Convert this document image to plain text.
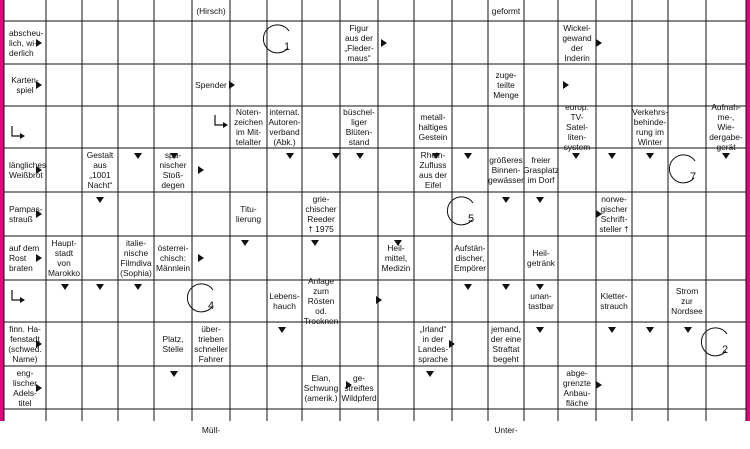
(Hirsch)	geformt
abscheu-
lich, wi-
derlich
Figur
aus der
„Fleder-
maus“
Wickel-
gewand
der
Inderin
Karten-
spiel	Spender
zuge-
teilte
Menge
Noten-
zeichen
im Mit-
telalter
internat.
Autoren-
verband
(Abk.)
büschel-
liger
Blüten-
stand
metall-
haltiges
Gestein
europ. TV-
Satel-
liten-
system
Verkehrs-
behinde-
rung im
Winter
Aufnah-
me-, Wie-
dergabe-
gerät
längliches
Weißbrot
Gestalt
aus
„1001
Nacht“
spa-
nischer
Stoß-
degen
Rhein-
Zufluss
aus der
Eifel
größeres
Binnen-
gewässer
freier
Grasplatz
im Dorf
Pampas-
strauß
Titu-
lierung
grie-
chischer
Reeder
† 1975
norwe-
gischer
Schrift-
steller †
auf dem
Rost
braten
Haupt-
stadt von
Marokko
italie-
nische
Filmdiva
(Sophia)
österrei-
chisch:
Männlein
Heil-
mittel,
Medizin
Aufstän-
discher,
Empörer
Heil-
getränk
Lebens-
hauch
Anlage
zum
Rösten od.
Trocknen
unan-
tastbar
Kletter-
strauch
Strom zur
Nordsee
finn. Ha-
fenstadt
(schwed.
Name)
Platz,
Stelle
über-
trieben
schneller
Fahrer
„Irland“
in der
Landes-
sprache
jemand,
der eine
Straftat
begeht
eng-
lischer
Adels-
titel
Elan,
Schwung
(amerik.)
ge-
streiftes
Wildpferd
abge-
grenzte
Anbau-
fläche
Müll-	Unter-
1
7
5
4
2
